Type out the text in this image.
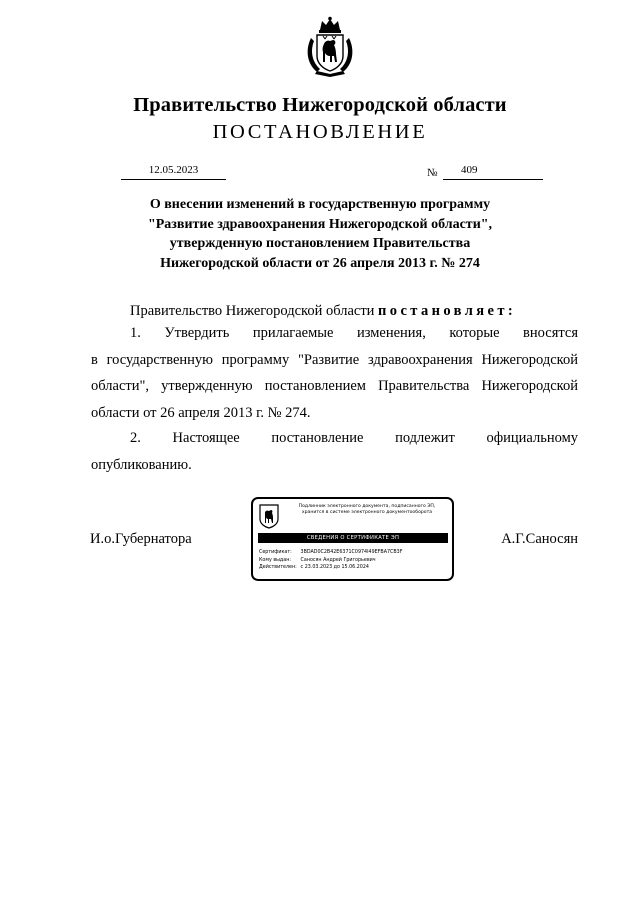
Правительство Нижегородской области
ПОСТАНОВЛЕНИЕ
12.05.2023	№	409
О внесении изменений в государственную программу
"Развитие здравоохранения Нижегородской области",
утвержденную постановлением Правительства
Нижегородской области от 26 апреля 2013 г. № 274
Правительство Нижегородской области постановляет:
1. Утвердить прилагаемые изменения, которые вносятся
в государственную программу "Развитие здравоохранения Нижегородской
области", утвержденную постановлением Правительства Нижегородской
области от 26 апреля 2013 г. № 274.
2. Настоящее постановление подлежит официальному
опубликованию.
И.о.Губернатора	А.Г.Саносян
Подлинник электронного документа, подписанного ЭП,
хранится в системе электронного документооборота
СВЕДЕНИЯ О СЕРТИФИКАТЕ ЭП
Сертификат: 3BDAD0C2B42E6371C0974I49EFBA7CB3F
Кому выдан: Саносян Андрей Григорьевич
Действителен: с 23.03.2023 до 15.06.2024
